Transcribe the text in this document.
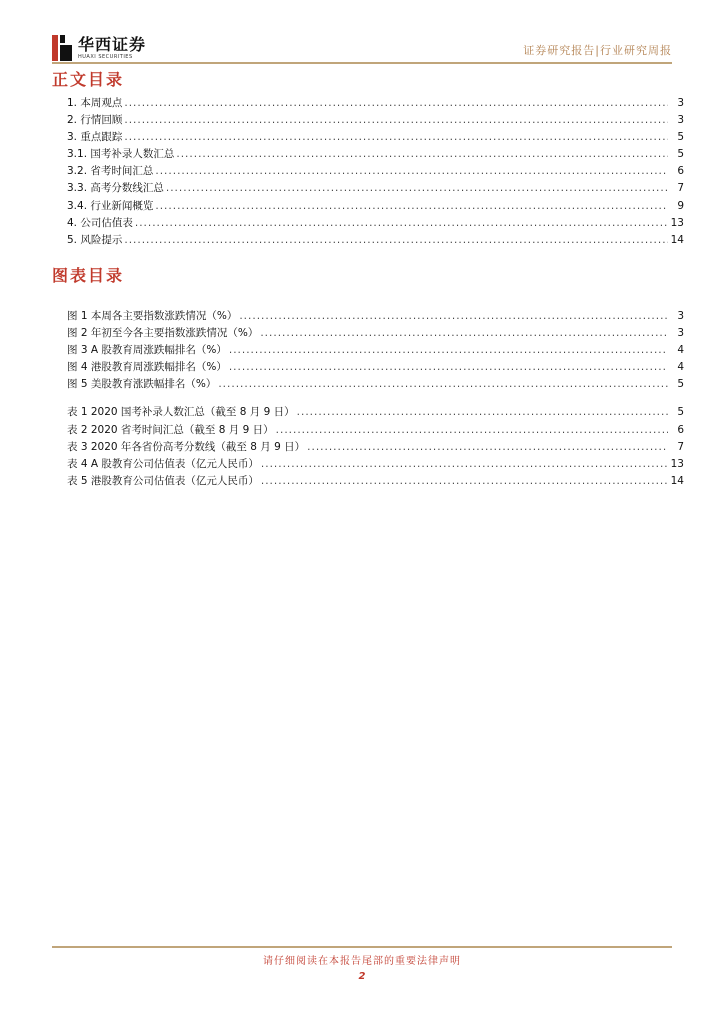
华西证券
HUAXI SECURITIES	证券研究报告|行业研究周报
正文目录
1. 本周观点 .....	3
2. 行情回顾 .....	3
3. 重点跟踪 .....	5
3.1. 国考补录人数汇总 .....	5
3.2. 省考时间汇总 .....	6
3.3. 高考分数线汇总 .....	7
3.4. 行业新闻概览 .....	9
4. 公司估值表 .....	13
5. 风险提示 .....	14
图表目录
图 1 本周各主要指数涨跌情况（%） .....	3
图 2 年初至今各主要指数涨跌情况（%） .....	3
图 3 A 股教育周涨跌幅排名（%） .....	4
图 4 港股教育周涨跌幅排名（%） .....	4
图 5 美股教育涨跌幅排名（%） .....	5
表 1 2020 国考补录人数汇总（截至 8 月 9 日） .....	5
表 2 2020 省考时间汇总（截至 8 月 9 日） .....	6
表 3 2020 年各省份高考分数线（截至 8 月 9 日） .....	7
表 4 A 股教育公司估值表（亿元人民币） .....	13
表 5 港股教育公司估值表（亿元人民币） .....	14
请仔细阅读在本报告尾部的重要法律声明
2
